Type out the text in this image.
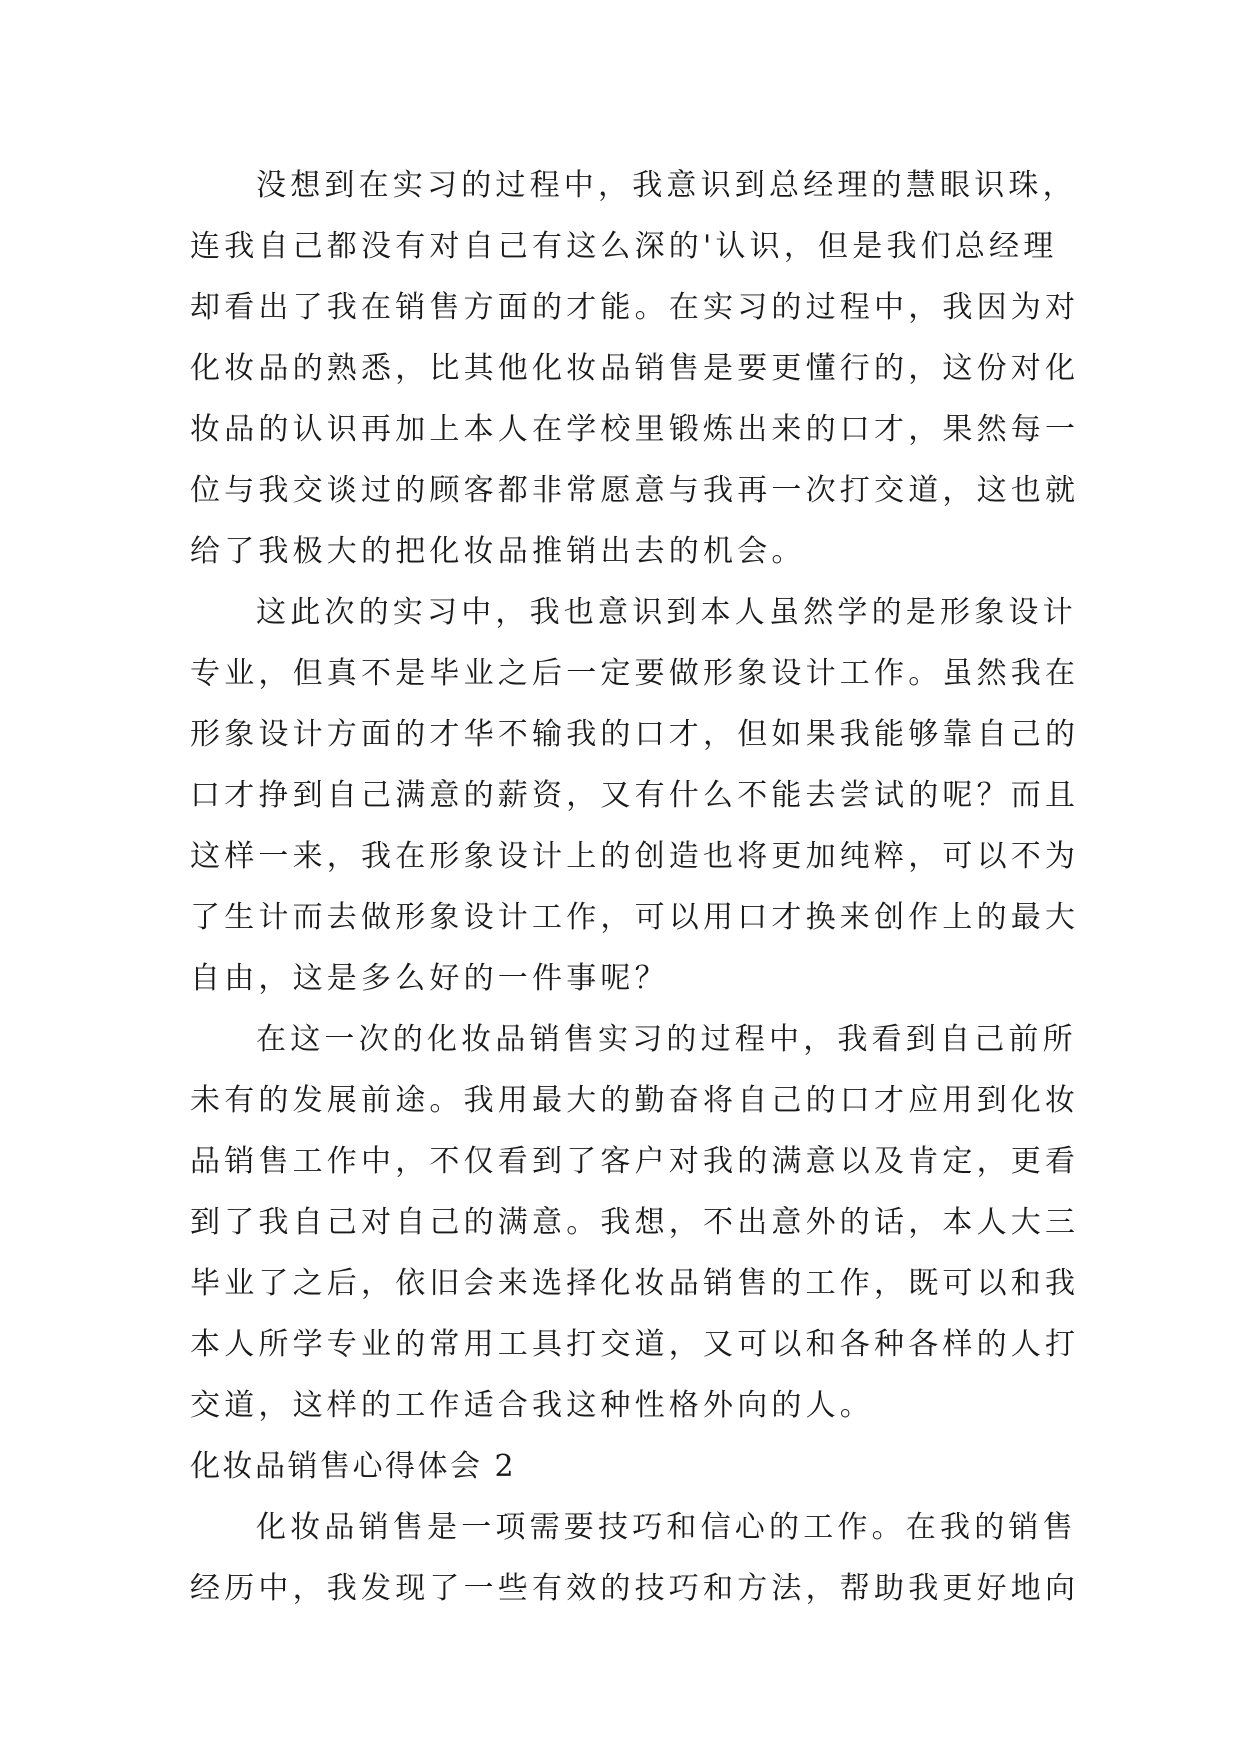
没想到在实习的过程中，我意识到总经理的慧眼识珠，
连我自己都没有对自己有这么深的'认识，但是我们总经理
却看出了我在销售方面的才能。在实习的过程中，我因为对
化妆品的熟悉，比其他化妆品销售是要更懂行的，这份对化
妆品的认识再加上本人在学校里锻炼出来的口才，果然每一
位与我交谈过的顾客都非常愿意与我再一次打交道，这也就
给了我极大的把化妆品推销出去的机会。
这此次的实习中，我也意识到本人虽然学的是形象设计
专业，但真不是毕业之后一定要做形象设计工作。虽然我在
形象设计方面的才华不输我的口才，但如果我能够靠自己的
口才挣到自己满意的薪资，又有什么不能去尝试的呢？而且
这样一来，我在形象设计上的创造也将更加纯粹，可以不为
了生计而去做形象设计工作，可以用口才换来创作上的最大
自由，这是多么好的一件事呢？
在这一次的化妆品销售实习的过程中，我看到自己前所
未有的发展前途。我用最大的勤奋将自己的口才应用到化妆
品销售工作中，不仅看到了客户对我的满意以及肯定，更看
到了我自己对自己的满意。我想，不出意外的话，本人大三
毕业了之后，依旧会来选择化妆品销售的工作，既可以和我
本人所学专业的常用工具打交道，又可以和各种各样的人打
交道，这样的工作适合我这种性格外向的人。
化妆品销售心得体会 2
化妆品销售是一项需要技巧和信心的工作。在我的销售
经历中，我发现了一些有效的技巧和方法，帮助我更好地向
